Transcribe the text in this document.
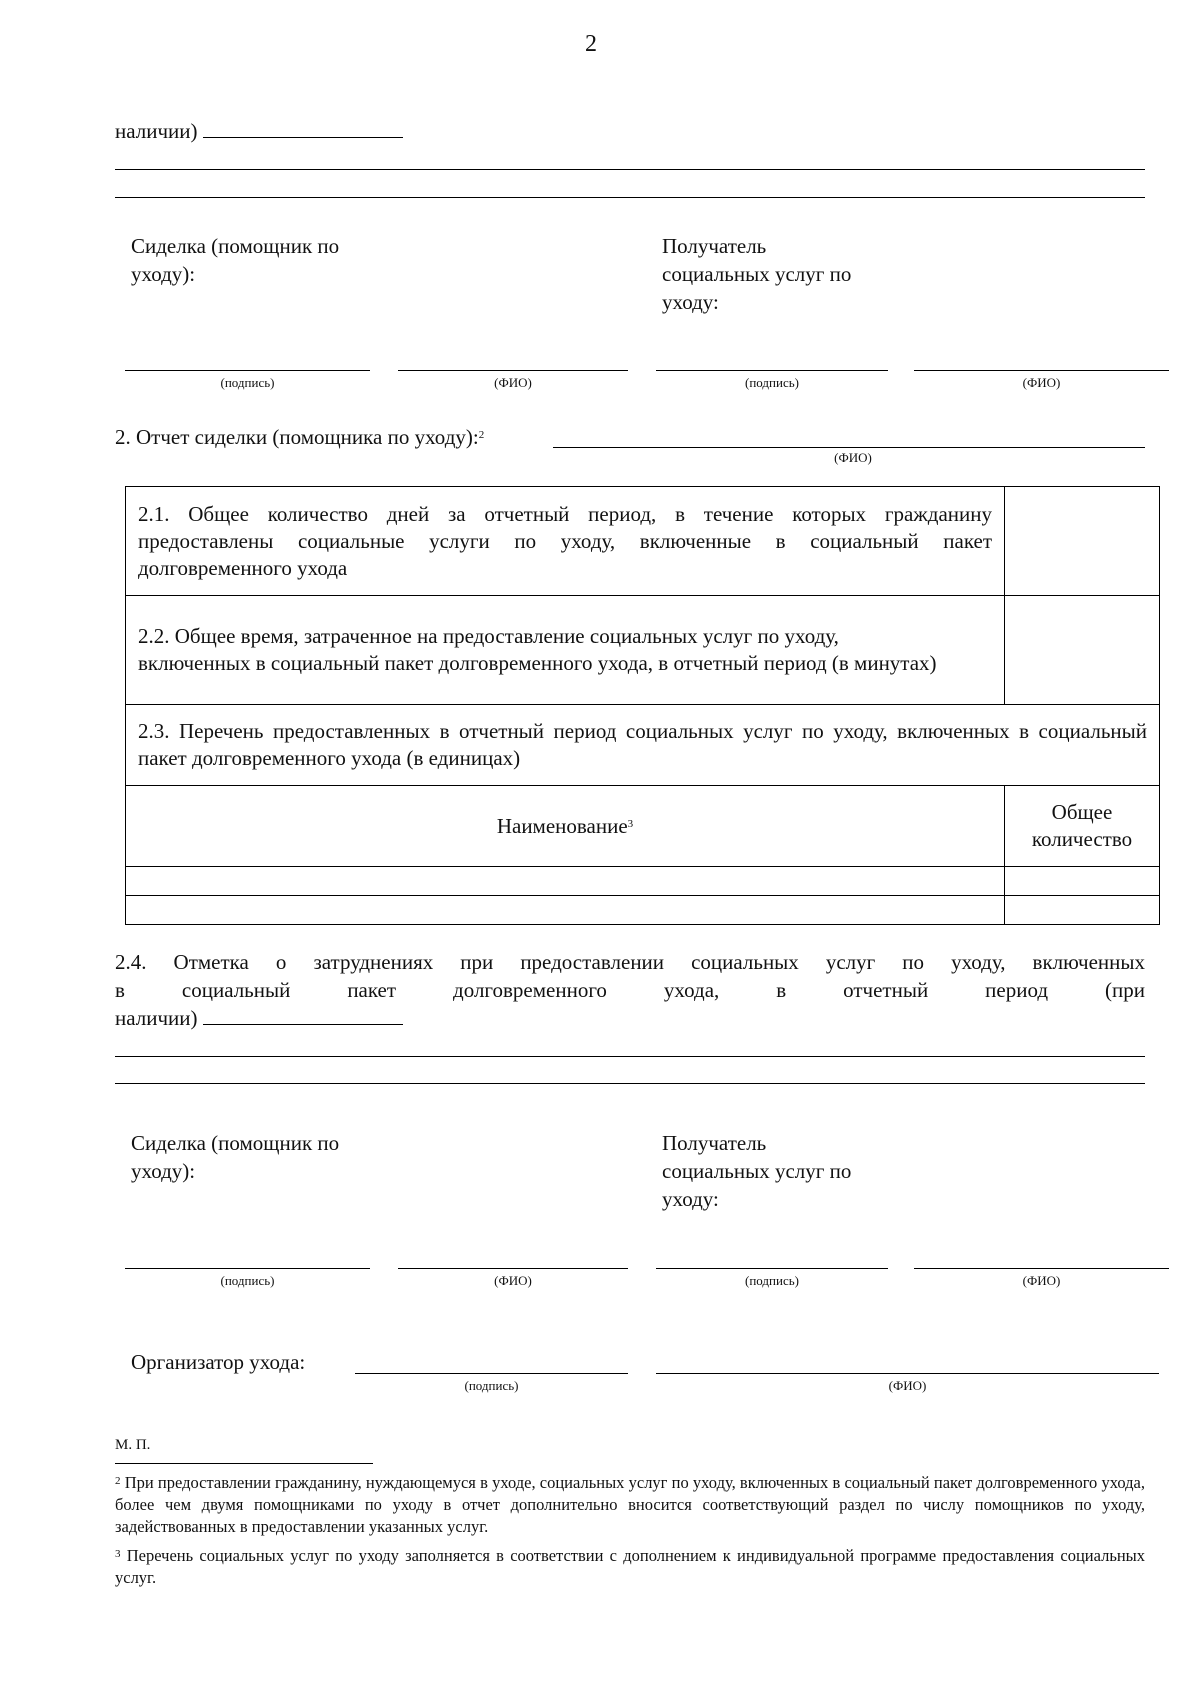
2
наличии)
Сиделка (помощник по уходу):
Получатель социальных услуг по уходу:
(подпись)	(ФИО)	(подпись)	(ФИО)
2. Отчет сиделки (помощника по уходу):$^2$
(ФИО)
2.1. Общее количество дней за отчетный период, в течение которых гражданину предоставлены социальные услуги по уходу, включенные в социальный пакет долговременного ухода	
2.2. Общее время, затраченное на предоставление социальных услуг по уходу, включенных в социальный пакет долговременного ухода, в отчетный период (в минутах)	
2.3. Перечень предоставленных в отчетный период социальных услуг по уходу, включенных в социальный пакет долговременного ухода (в единицах)	
Наименование$^3$	Общее количество

2.4. Отметка о затруднениях при предоставлении социальных услуг по уходу, включенных
в социальный пакет долговременного ухода, в отчетный период (при
наличии)
Сиделка (помощник по уходу):
Получатель социальных услуг по уходу:
(подпись)	(ФИО)	(подпись)	(ФИО)
Организатор ухода:
(подпись)	(ФИО)
М. П.
$^2$ При предоставлении гражданину, нуждающемуся в уходе, социальных услуг по уходу, включенных в социальный пакет долговременного ухода, более чем двумя помощниками по уходу в отчет дополнительно вносится соответствующий раздел по числу помощников по уходу, задействованных в предоставлении указанных услуг.
$^3$ Перечень социальных услуг по уходу заполняется в соответствии с дополнением к индивидуальной программе предоставления социальных услуг.
